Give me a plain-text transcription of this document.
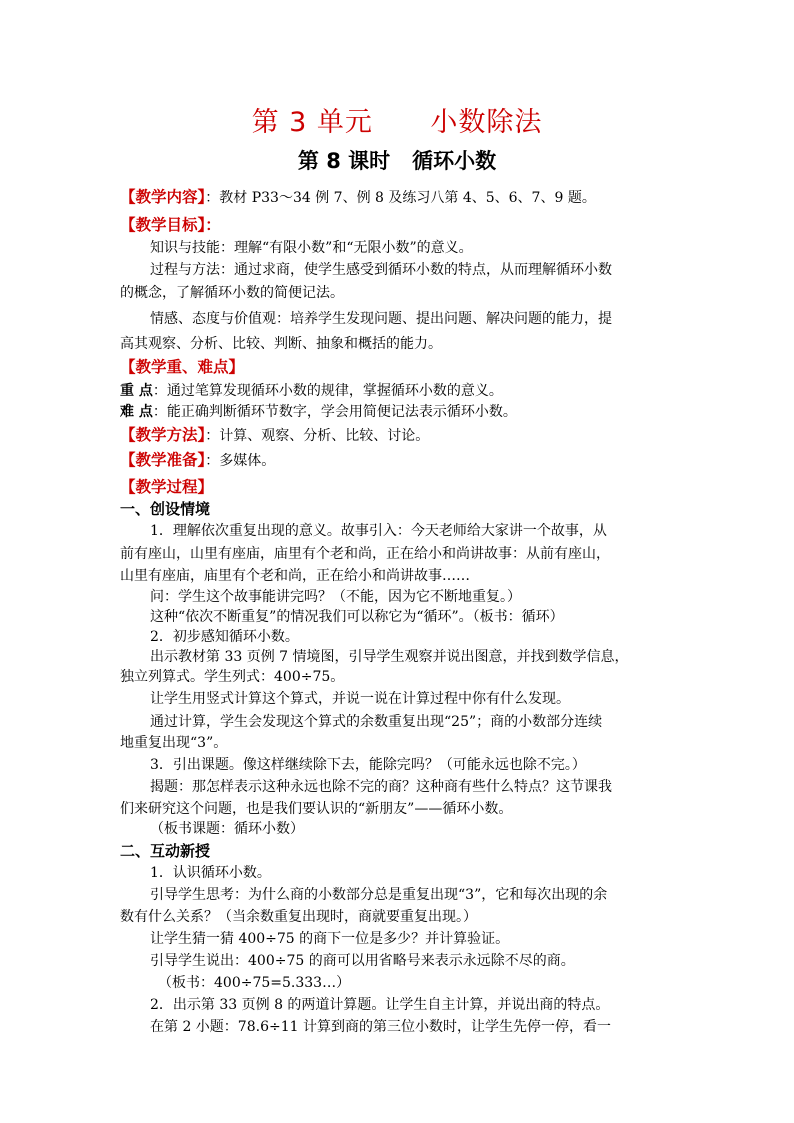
第 3 单元      小数除法
第 8 课时   循环小数
【教学内容】：教材 P33～34 例 7、例 8 及练习八第 4、5、6、7、9 题。
【教学目标】：
知识与技能：理解“有限小数”和“无限小数”的意义。
过程与方法：通过求商，使学生感受到循环小数的特点，从而理解循环小数
的概念，了解循环小数的简便记法。
情感、态度与价值观：培养学生发现问题、提出问题、解决问题的能力，提
高其观察、分析、比较、判断、抽象和概括的能力。
【教学重、难点】
重 点：通过笔算发现循环小数的规律，掌握循环小数的意义。
难 点：能正确判断循环节数字，学会用简便记法表示循环小数。
【教学方法】：计算、观察、分析、比较、讨论。
【教学准备】：多媒体。
【教学过程】
一、创设情境
1．理解依次重复出现的意义。故事引入：今天老师给大家讲一个故事，从
前有座山，山里有座庙，庙里有个老和尚，正在给小和尚讲故事：从前有座山，
山里有座庙，庙里有个老和尚，正在给小和尚讲故事……
问：学生这个故事能讲完吗？（不能，因为它不断地重复。）
这种“依次不断重复”的情况我们可以称它为“循环”。（板书：循环）
2．初步感知循环小数。
出示教材第 33 页例 7 情境图，引导学生观察并说出图意，并找到数学信息，
独立列算式。学生列式：400÷75。
让学生用竖式计算这个算式，并说一说在计算过程中你有什么发现。
通过计算，学生会发现这个算式的余数重复出现“25”；商的小数部分连续
地重复出现“3”。
3．引出课题。像这样继续除下去，能除完吗？（可能永远也除不完。）
揭题：那怎样表示这种永远也除不完的商？这种商有些什么特点？这节课我
们来研究这个问题，也是我们要认识的“新朋友”——循环小数。
（板书课题：循环小数）
二、互动新授
1．认识循环小数。
引导学生思考：为什么商的小数部分总是重复出现“3”，它和每次出现的余
数有什么关系？（当余数重复出现时，商就要重复出现。）
让学生猜一猜 400÷75 的商下一位是多少？并计算验证。
引导学生说出：400÷75 的商可以用省略号来表示永远除不尽的商。
（板书：400÷75=5.333…）
2．出示第 33 页例 8 的两道计算题。让学生自主计算，并说出商的特点。
在第 2 小题：78.6÷11 计算到商的第三位小数时，让学生先停一停，看一
